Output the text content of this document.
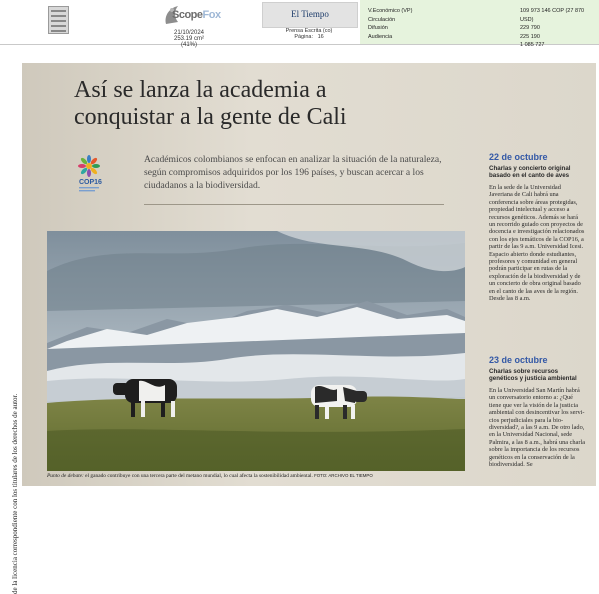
ScopeFox
21/10/2024
253.19 cm² (41%)
El Tiempo
Prensa Escrita (co)
Página: 16
V.Económico (VP)
Circulación
Difusión
Audiencia
109 973 146 COP (27 870 USD)
229 790
225 190
1 085 727
de la licencia correspondiente con los titulares de los derechos de autor.
Así se lanza la academia a
conquistar a la gente de Cali
COP16
Académicos colombianos se enfocan en analizar la situación de la naturaleza, según compromisos adquiridos por los 196 países, y buscan acercar a los ciudadanos a la biodiversidad.
Punto de debate: el ganado contribuye con una tercera parte del metano mundial, lo cual afecta la sostenibilidad ambiental. FOTO: ARCHIVO EL TIEMPO
22 de octubre
Charlas y concierto original basado en el canto de aves
En la sede de la Universidad Javeriana de Cali habrá una conferencia sobre áreas protegidas, propiedad intelectual y acceso a recursos genéticos. Además se hará un recorrido guiado con proyectos de docencia e investigación relacionados con los ejes temáticos de la COP16, a partir de las 9 a.m. Universidad Icesi. Espacio abierto donde estudiantes, profesores y comunidad en general podrán participar en rutas de la exploración de la biodiversidad y de un concierto de obra original basado en el canto de las aves de la región. Desde las 8 a.m.
23 de octubre
Charlas sobre recursos genéticos y justicia ambiental
En la Universidad San Martín habrá un conversatorio entorno a: ¿Qué tiene que ver la visión de la justicia ambiental con desincentivar los servicios perjudiciales para la biodiversidad?, a las 9 a.m. De otro lado, en la Universidad Nacional, sede Palmira, a las 8 a.m., habrá una charla sobre la importancia de los recursos genéticos en la conservación de la biodiversidad. Se
